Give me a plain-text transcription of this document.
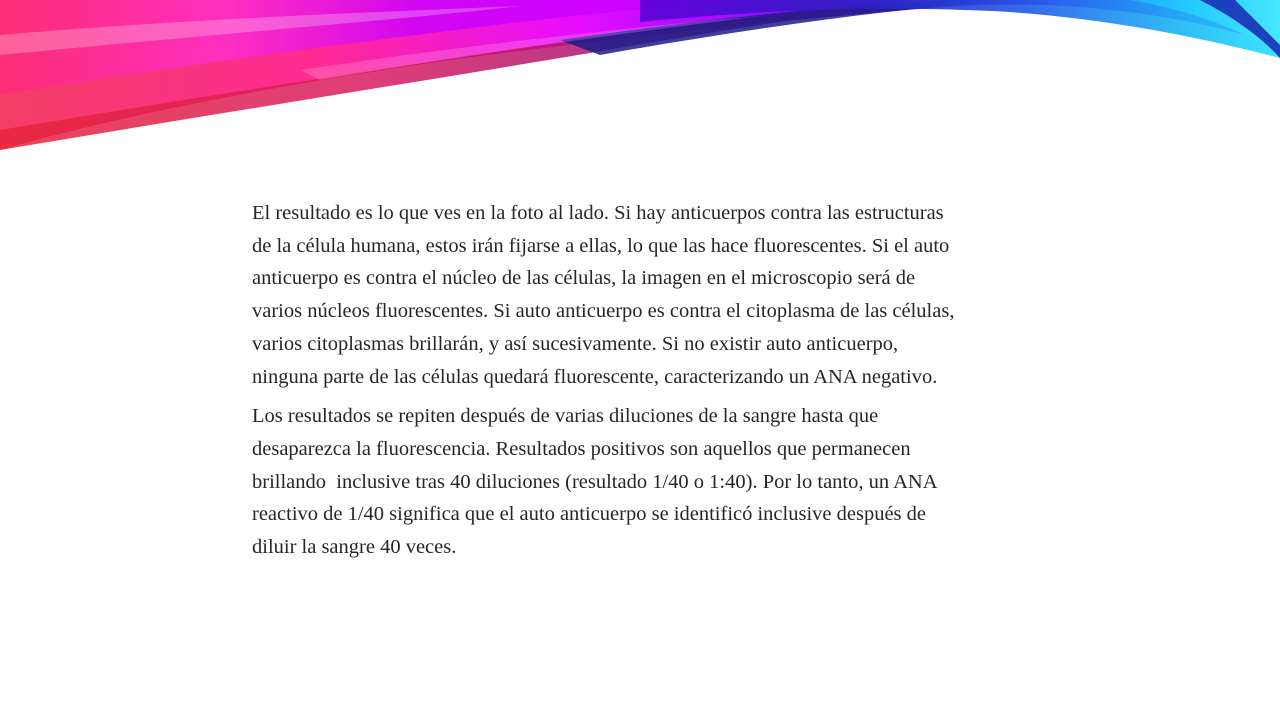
El resultado es lo que ves en la foto al lado. Si hay anticuerpos contra las estructuras
de la célula humana, estos irán fijarse a ellas, lo que las hace fluorescentes. Si el auto
anticuerpo es contra el núcleo de las células, la imagen en el microscopio será de
varios núcleos fluorescentes. Si auto anticuerpo es contra el citoplasma de las células,
varios citoplasmas brillarán, y así sucesivamente. Si no existir auto anticuerpo,
ninguna parte de las células quedará fluorescente, caracterizando un ANA negativo.

Los resultados se repiten después de varias diluciones de la sangre hasta que
desaparezca la fluorescencia. Resultados positivos son aquellos que permanecen
brillando  inclusive tras 40 diluciones (resultado 1/40 o 1:40). Por lo tanto, un ANA
reactivo de 1/40 significa que el auto anticuerpo se identificó inclusive después de
diluir la sangre 40 veces.
